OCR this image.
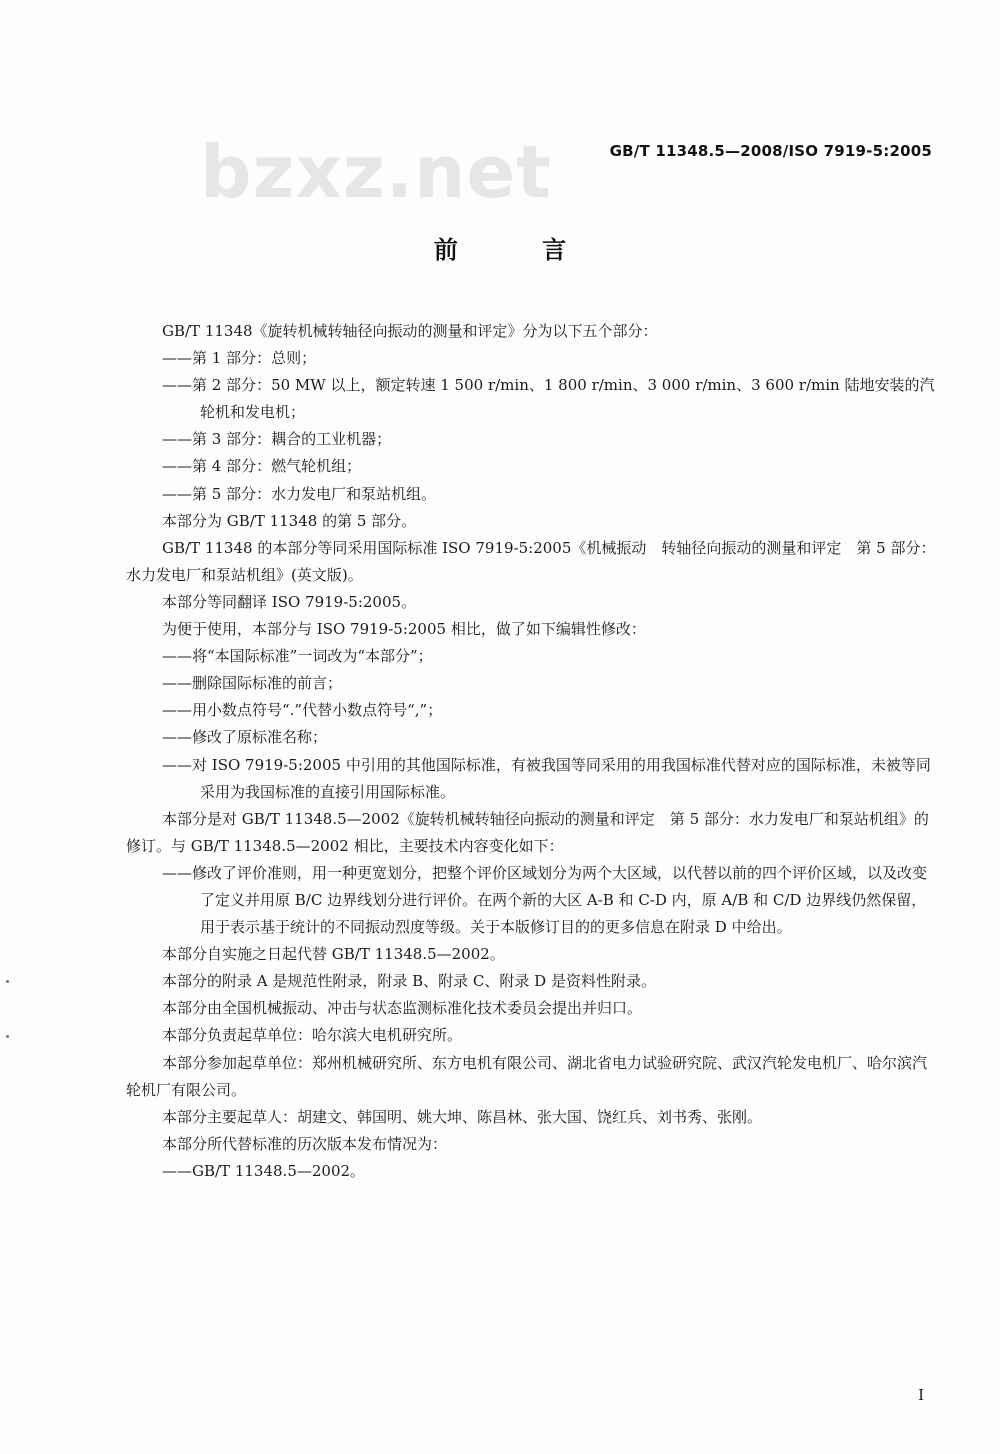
bzxz.net	GB/T 11348.5—2008/ISO 7919-5:2005
前 言

GB/T 11348《旋转机械转轴径向振动的测量和评定》分为以下五个部分：

——第 1 部分：总则；

——第 2 部分：50 MW 以上，额定转速 1 500 r/min、1 800 r/min、3 000 r/min、3 600 r/min 陆地安装的汽轮机和发电机；

——第 3 部分：耦合的工业机器；

——第 4 部分：燃气轮机组；

——第 5 部分：水力发电厂和泵站机组。

本部分为 GB/T 11348 的第 5 部分。

GB/T 11348 的本部分等同采用国际标准 ISO 7919-5:2005《机械振动　转轴径向振动的测量和评定　第 5 部分：水力发电厂和泵站机组》(英文版)。

本部分等同翻译 ISO 7919-5:2005。

为便于使用，本部分与 ISO 7919-5:2005 相比，做了如下编辑性修改：

——将“本国际标准”一词改为“本部分”；

——删除国际标准的前言；

——用小数点符号“.”代替小数点符号“,”；

——修改了原标准名称；

——对 ISO 7919-5:2005 中引用的其他国际标准，有被我国等同采用的用我国标准代替对应的国际标准，未被等同采用为我国标准的直接引用国际标准。

本部分是对 GB/T 11348.5—2002《旋转机械转轴径向振动的测量和评定　第 5 部分：水力发电厂和泵站机组》的修订。与 GB/T 11348.5—2002 相比，主要技术内容变化如下：

——修改了评价准则，用一种更宽划分，把整个评价区域划分为两个大区域，以代替以前的四个评价区域，以及改变了定义并用原 B/C 边界线划分进行评价。在两个新的大区 A-B 和 C-D 内，原 A/B 和 C/D 边界线仍然保留，用于表示基于统计的不同振动烈度等级。关于本版修订目的的更多信息在附录 D 中给出。

本部分自实施之日起代替 GB/T 11348.5—2002。

本部分的附录 A 是规范性附录，附录 B、附录 C、附录 D 是资料性附录。

本部分由全国机械振动、冲击与状态监测标准化技术委员会提出并归口。

本部分负责起草单位：哈尔滨大电机研究所。

本部分参加起草单位：郑州机械研究所、东方电机有限公司、湖北省电力试验研究院、武汉汽轮发电机厂、哈尔滨汽轮机厂有限公司。

本部分主要起草人：胡建文、韩国明、姚大坤、陈昌林、张大国、饶红兵、刘书秀、张刚。

本部分所代替标准的历次版本发布情况为：

——GB/T 11348.5—2002。

I
